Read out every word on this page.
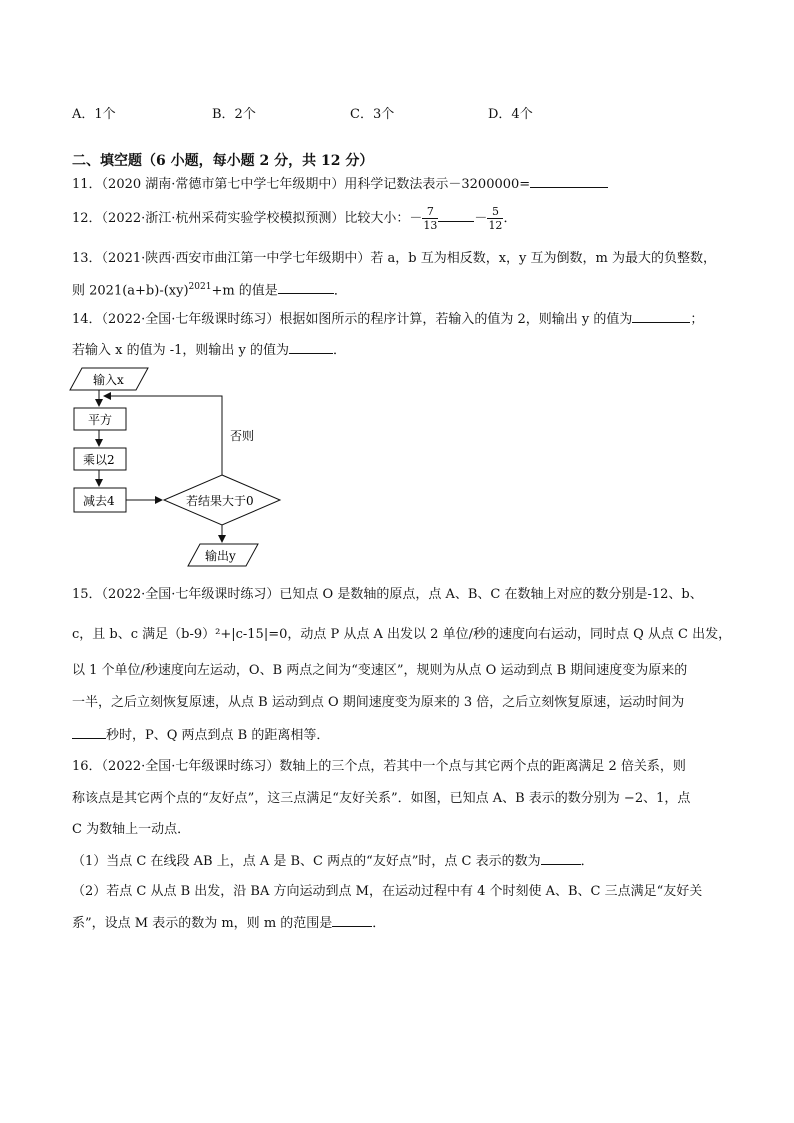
A．1个	B．2个	C．3个	D．4个
二、填空题（6 小题，每小题 2 分，共 12 分）
11．（2020 湖南·常德市第七中学七年级期中）用科学记数法表示－3200000=
12．（2022·浙江·杭州采荷实验学校模拟预测）比较大小：－ $\frac{7}{13}$	－ $\frac{5}{12}$ ．
13．（2021·陕西·西安市曲江第一中学七年级期中）若 a，b 互为相反数，x，y 互为倒数，m 为最大的负整数，
则 2021(a+b)-(xy)$^{2021}$+m 的值是	．
14．（2022·全国·七年级课时练习）根据如图所示的程序计算，若输入的值为 2，则输出 y 的值为	；
若输入 x 的值为 -1，则输出 y 的值为	．
输入x
平方
乘以2
减去4	若结果大于0
否则
输出y
15．（2022·全国·七年级课时练习）已知点 O 是数轴的原点，点 A、B、C 在数轴上对应的数分别是-12、b、
c，且 b、c 满足（b-9）²+|c-15|=0，动点 P 从点 A 出发以 2 单位/秒的速度向右运动，同时点 Q 从点 C 出发，
以 1 个单位/秒速度向左运动，O、B 两点之间为“变速区”，规则为从点 O 运动到点 B 期间速度变为原来的
一半，之后立刻恢复原速，从点 B 运动到点 O 期间速度变为原来的 3 倍，之后立刻恢复原速，运动时间为
秒时，P、Q 两点到点 B 的距离相等．
16．（2022·全国·七年级课时练习）数轴上的三个点，若其中一个点与其它两个点的距离满足 2 倍关系，则
称该点是其它两个点的“友好点”，这三点满足“友好关系”．如图，已知点 A、B 表示的数分别为 −2、1，点
C 为数轴上一动点．
（1）当点 C 在线段 AB 上，点 A 是 B、C 两点的“友好点”时，点 C 表示的数为	．
（2）若点 C 从点 B 出发，沿 BA 方向运动到点 M，在运动过程中有 4 个时刻使 A、B、C 三点满足“友好关
系”，设点 M 表示的数为 m，则 m 的范围是	．
